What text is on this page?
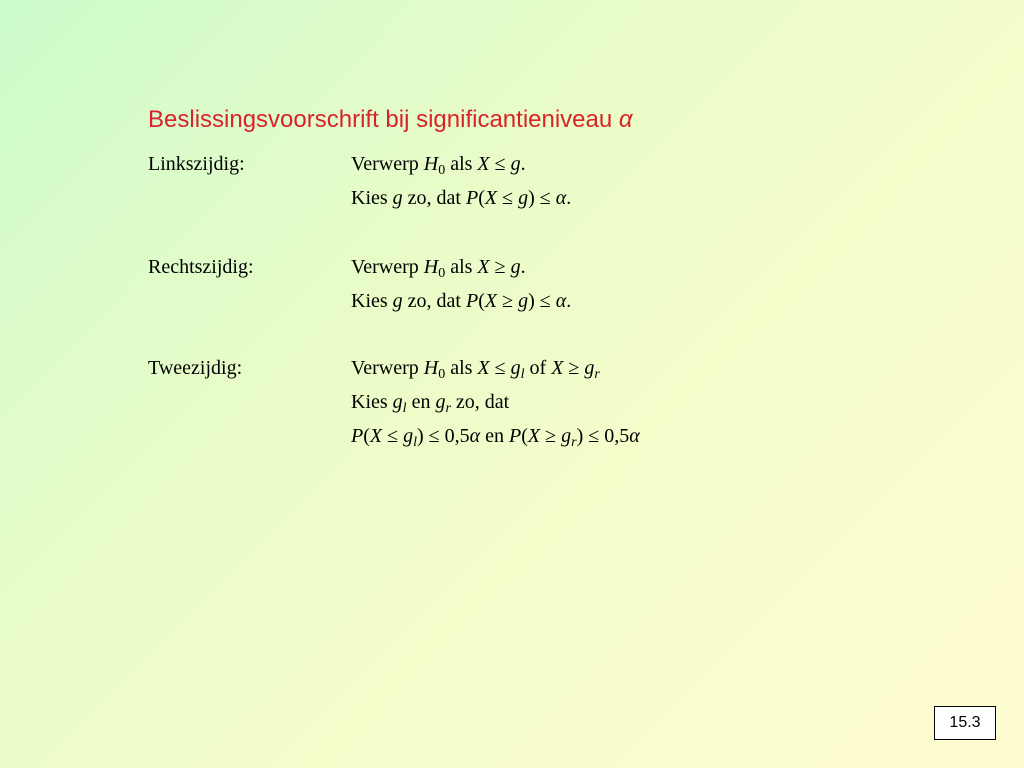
Beslissingsvoorschrift bij significantieniveau α
Linkszijdig:	Verwerp $H_0$ als X ≤ g.
Kies g zo, dat P(X ≤ g) ≤ α.
Rechtszijdig:	Verwerp $H_0$ als X ≥ g.
Kies g zo, dat P(X ≥ g) ≤ α.
Tweezijdig:	Verwerp $H_0$ als $X \le g_l$ of $X \ge g_r$
Kies $g_l$ en $g_r$ zo, dat
$P(X \le g_l) \le 0,5\alpha$ en $P(X \ge g_r) \le 0,5\alpha$
15.3
